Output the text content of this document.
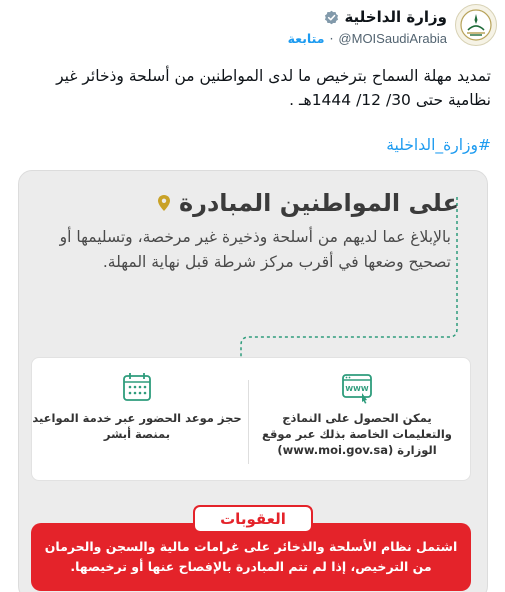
وزارة الداخلية
@MOISaudiArabia
·
متابعة
تمديد مهلة السماح بترخيص ما لدى المواطنين من أسلحة وذخائر غير نظامية حتى 30/ 12/ 1444هـ .
#وزارة_الداخلية
على المواطنين المبادرة
بالإبلاغ عما لديهم من أسلحة وذخيرة غير مرخصة، وتسليمها أو تصحيح وضعها في أقرب مركز شرطة قبل نهاية المهلة.
WWW
يمكن الحصول على النماذج والتعليمات الخاصة بذلك عبر موقع الوزارة (www.moi.gov.sa)
حجز موعد الحضور عبر خدمة المواعيد بمنصة أبشر
العقوبات
اشتمل نظام الأسلحة والذخائر على غرامات مالية والسجن والحرمان من الترخيص، إذا لم تتم المبادرة بالإفصاح عنها أو ترخيصها.
